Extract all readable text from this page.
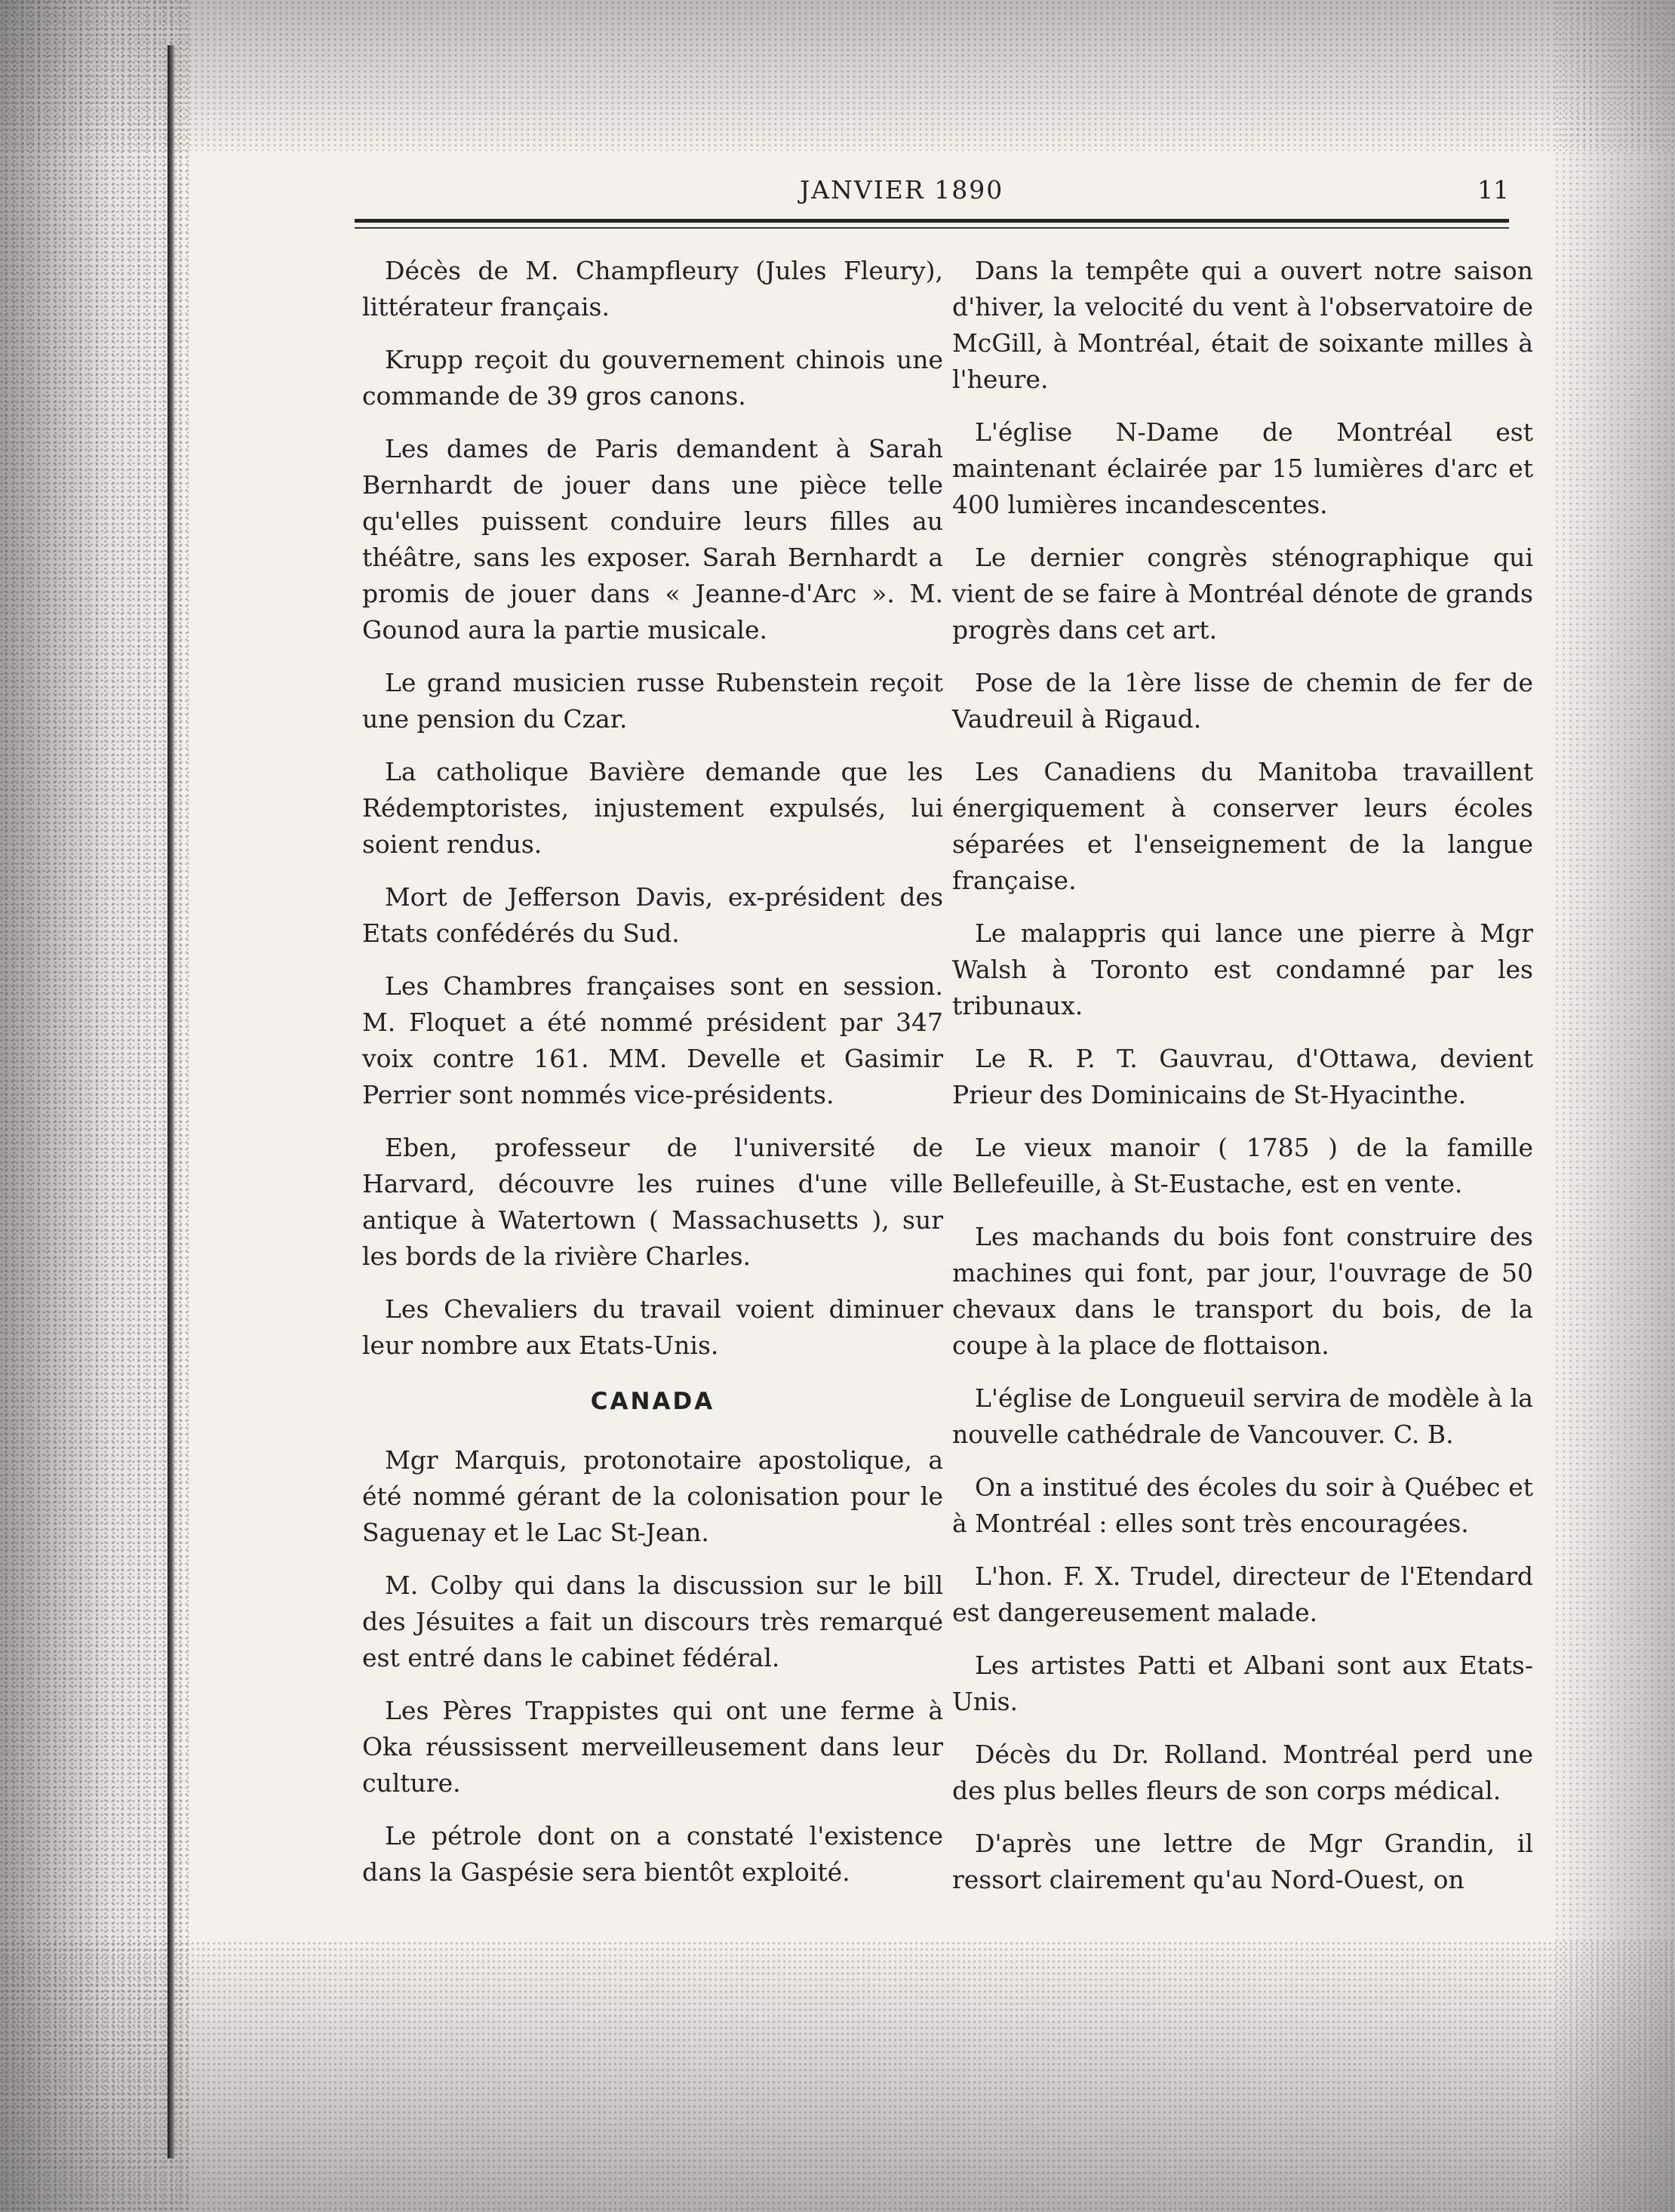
JANVIER 1890	11

Décès de M. Champfleury (Jules Fleury), littérateur français.

Krupp reçoit du gouvernement chinois une commande de 39 gros canons.

Les dames de Paris demandent à Sarah Bernhardt de jouer dans une pièce telle qu'elles puissent conduire leurs filles au théâtre, sans les exposer. Sarah Bernhardt a promis de jouer dans « Jeanne-d'Arc ». M. Gounod aura la partie musicale.

Le grand musicien russe Rubenstein reçoit une pension du Czar.

La catholique Bavière demande que les Rédemptoristes, injustement expulsés, lui soient rendus.

Mort de Jefferson Davis, ex-président des Etats confédérés du Sud.

Les Chambres françaises sont en session. M. Floquet a été nommé président par 347 voix contre 161. MM. Develle et Gasimir Perrier sont nommés vice-présidents.

Eben, professeur de l'université de Harvard, découvre les ruines d'une ville antique à Watertown ( Massachusetts ), sur les bords de la rivière Charles.

Les Chevaliers du travail voient diminuer leur nombre aux Etats-Unis.

CANADA

Mgr Marquis, protonotaire apostolique, a été nommé gérant de la colonisation pour le Saguenay et le Lac St-Jean.

M. Colby qui dans la discussion sur le bill des Jésuites a fait un discours très remarqué est entré dans le cabinet fédéral.

Les Pères Trappistes qui ont une ferme à Oka réussissent merveilleusement dans leur culture.

Le pétrole dont on a constaté l'existence dans la Gaspésie sera bientôt exploité.

Dans la tempête qui a ouvert notre saison d'hiver, la velocité du vent à l'observatoire de McGill, à Montréal, était de soixante milles à l'heure.

L'église N-Dame de Montréal est maintenant éclairée par 15 lumières d'arc et 400 lumières incandescentes.

Le dernier congrès sténographique qui vient de se faire à Montréal dénote de grands progrès dans cet art.

Pose de la 1ère lisse de chemin de fer de Vaudreuil à Rigaud.

Les Canadiens du Manitoba travaillent énergiquement à conserver leurs écoles séparées et l'enseignement de la langue française.

Le malappris qui lance une pierre à Mgr Walsh à Toronto est condamné par les tribunaux.

Le R. P. T. Gauvrau, d'Ottawa, devient Prieur des Dominicains de St-Hyacinthe.

Le vieux manoir ( 1785 ) de la famille Bellefeuille, à St-Eustache, est en vente.

Les machands du bois font construire des machines qui font, par jour, l'ouvrage de 50 chevaux dans le transport du bois, de la coupe à la place de flottaison.

L'église de Longueuil servira de modèle à la nouvelle cathédrale de Vancouver. C. B.

On a institué des écoles du soir à Québec et à Montréal : elles sont très encouragées.

L'hon. F. X. Trudel, directeur de l'Etendard est dangereusement malade.

Les artistes Patti et Albani sont aux Etats-Unis.

Décès du Dr. Rolland. Montréal perd une des plus belles fleurs de son corps médical.

D'après une lettre de Mgr Grandin, il ressort clairement qu'au Nord-Ouest, on
